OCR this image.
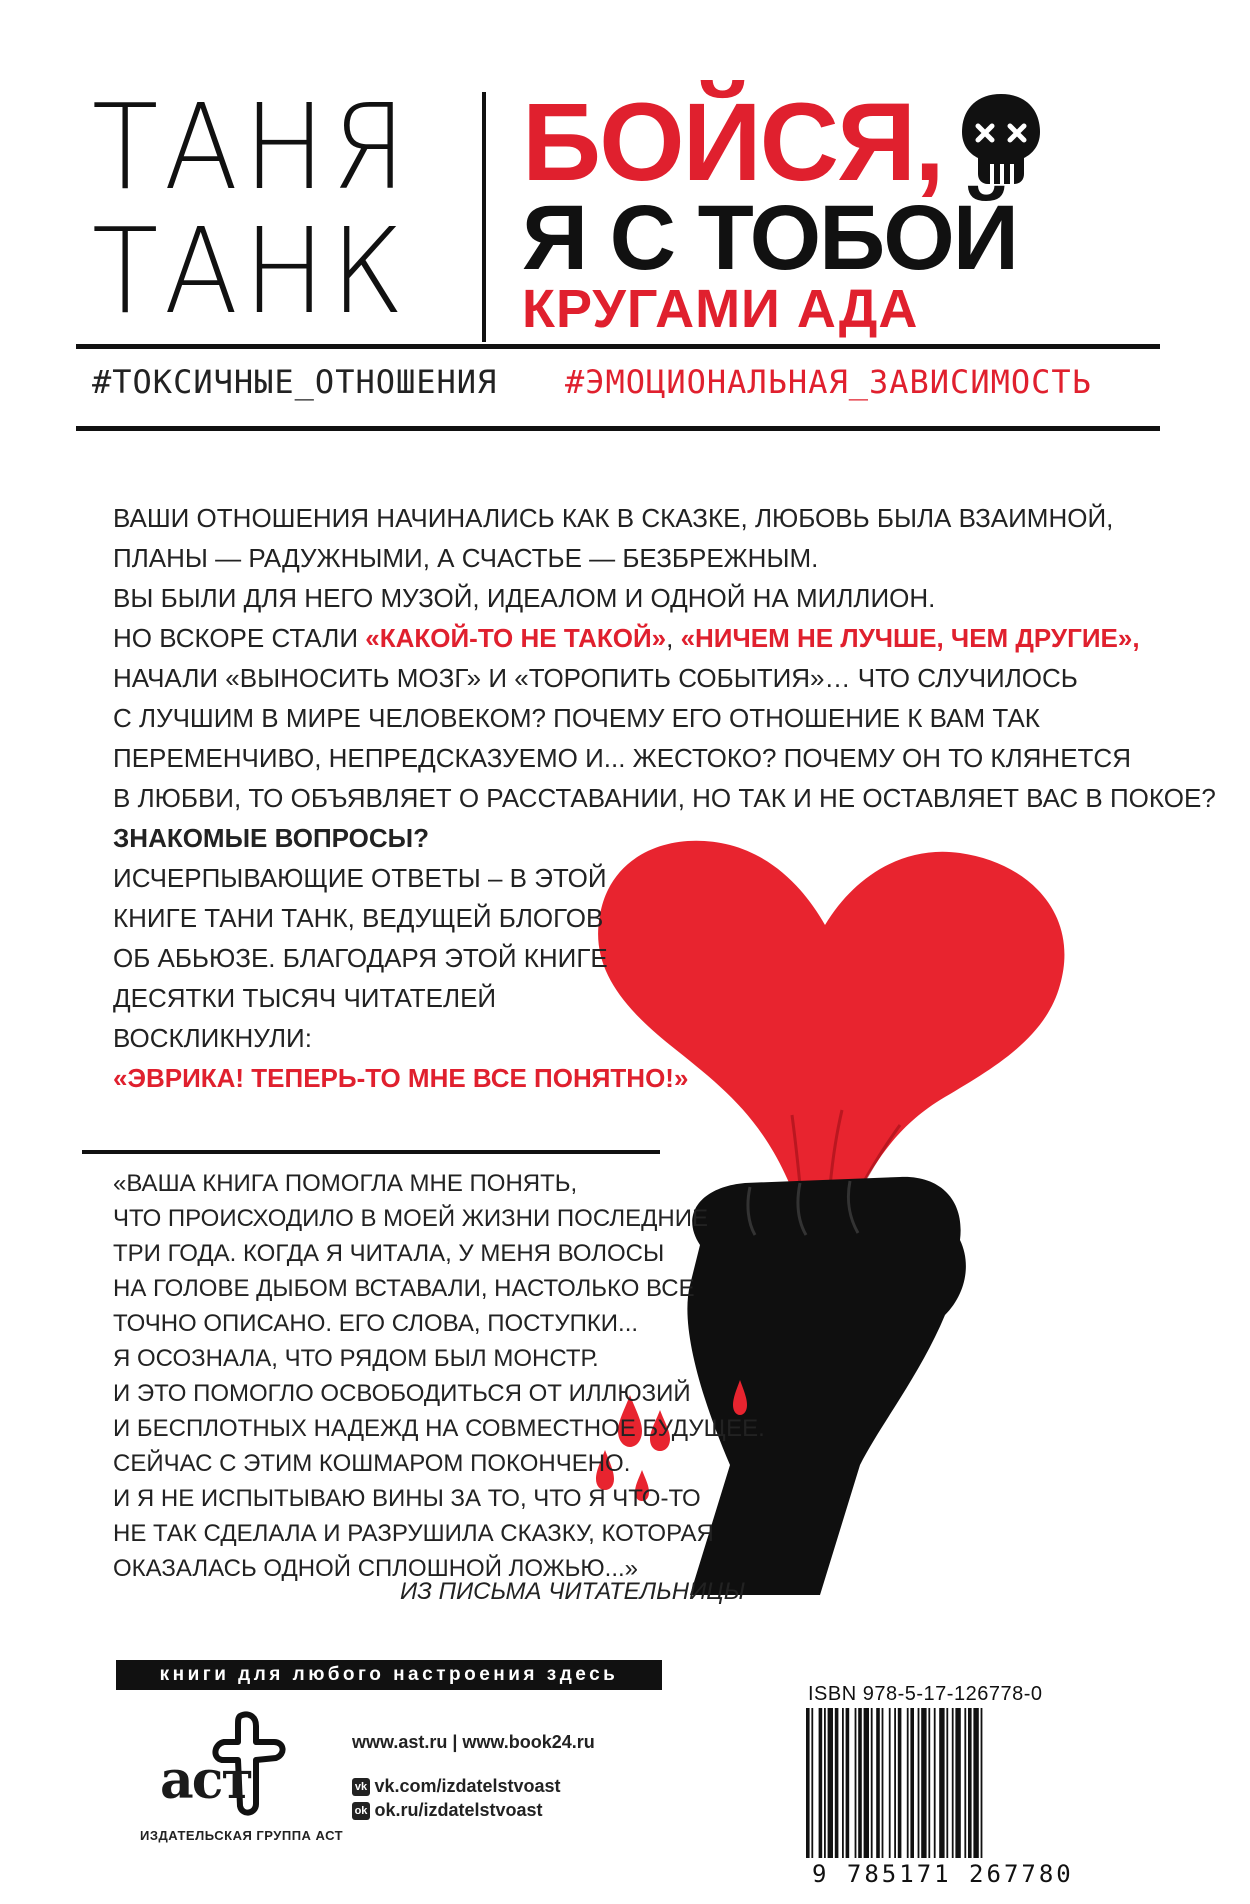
ТАНЯ
ТАНК
БОЙСЯ,
Я С ТОБОЙ
КРУГАМИ АДА
#ТОКСИЧНЫЕ_ОТНОШЕНИЯ #ЭМОЦИОНАЛЬНАЯ_ЗАВИСИМОСТЬ

ВАШИ ОТНОШЕНИЯ НАЧИНАЛИСЬ КАК В СКАЗКЕ, ЛЮБОВЬ БЫЛА ВЗАИМНОЙ,

ПЛАНЫ — РАДУЖНЫМИ, А СЧАСТЬЕ — БЕЗБРЕЖНЫМ.

ВЫ БЫЛИ ДЛЯ НЕГО МУЗОЙ, ИДЕАЛОМ И ОДНОЙ НА МИЛЛИОН.

НО ВСКОРЕ СТАЛИ «КАКОЙ-ТО НЕ ТАКОЙ», «НИЧЕМ НЕ ЛУЧШЕ, ЧЕМ ДРУГИЕ»,

НАЧАЛИ «ВЫНОСИТЬ МОЗГ» И «ТОРОПИТЬ СОБЫТИЯ»… ЧТО СЛУЧИЛОСЬ

С ЛУЧШИМ В МИРЕ ЧЕЛОВЕКОМ? ПОЧЕМУ ЕГО ОТНОШЕНИЕ К ВАМ ТАК

ПЕРЕМЕНЧИВО, НЕПРЕДСКАЗУЕМО И... ЖЕСТОКО? ПОЧЕМУ ОН ТО КЛЯНЕТСЯ

В ЛЮБВИ, ТО ОБЪЯВЛЯЕТ О РАССТАВАНИИ, НО ТАК И НЕ ОСТАВЛЯЕТ ВАС В ПОКОЕ?

ЗНАКОМЫЕ ВОПРОСЫ?

ИСЧЕРПЫВАЮЩИЕ ОТВЕТЫ – В ЭТОЙ

КНИГЕ ТАНИ ТАНК, ВЕДУЩЕЙ БЛОГОВ

ОБ АБЬЮЗЕ. БЛАГОДАРЯ ЭТОЙ КНИГЕ

ДЕСЯТКИ ТЫСЯЧ ЧИТАТЕЛЕЙ

ВОСКЛИКНУЛИ:

«ЭВРИКА! ТЕПЕРЬ-ТО МНЕ ВСЕ ПОНЯТНО!»

«ВАША КНИГА ПОМОГЛА МНЕ ПОНЯТЬ,

ЧТО ПРОИСХОДИЛО В МОЕЙ ЖИЗНИ ПОСЛЕДНИЕ

ТРИ ГОДА. КОГДА Я ЧИТАЛА, У МЕНЯ ВОЛОСЫ

НА ГОЛОВЕ ДЫБОМ ВСТАВАЛИ, НАСТОЛЬКО ВСЕ

ТОЧНО ОПИСАНО. ЕГО СЛОВА, ПОСТУПКИ...

Я ОСОЗНАЛА, ЧТО РЯДОМ БЫЛ МОНСТР.

И ЭТО ПОМОГЛО ОСВОБОДИТЬСЯ ОТ ИЛЛЮЗИЙ

И БЕСПЛОТНЫХ НАДЕЖД НА СОВМЕСТНОЕ БУДУЩЕЕ.

СЕЙЧАС С ЭТИМ КОШМАРОМ ПОКОНЧЕНО.

И Я НЕ ИСПЫТЫВАЮ ВИНЫ ЗА ТО, ЧТО Я ЧТО-ТО

НЕ ТАК СДЕЛАЛА И РАЗРУШИЛА СКАЗКУ, КОТОРАЯ

ОКАЗАЛАСЬ ОДНОЙ СПЛОШНОЙ ЛОЖЬЮ...»

ИЗ ПИСЬМА ЧИТАТЕЛЬНИЦЫ
книги для любого настроения здесь
аст
ИЗДАТЕЛЬСКАЯ ГРУППА АСТ
www.ast.ru | www.book24.ru
vk vk.com/izdatelstvoast
ok ok.ru/izdatelstvoast
ISBN 978-5-17-126778-0
9 785171 267780
